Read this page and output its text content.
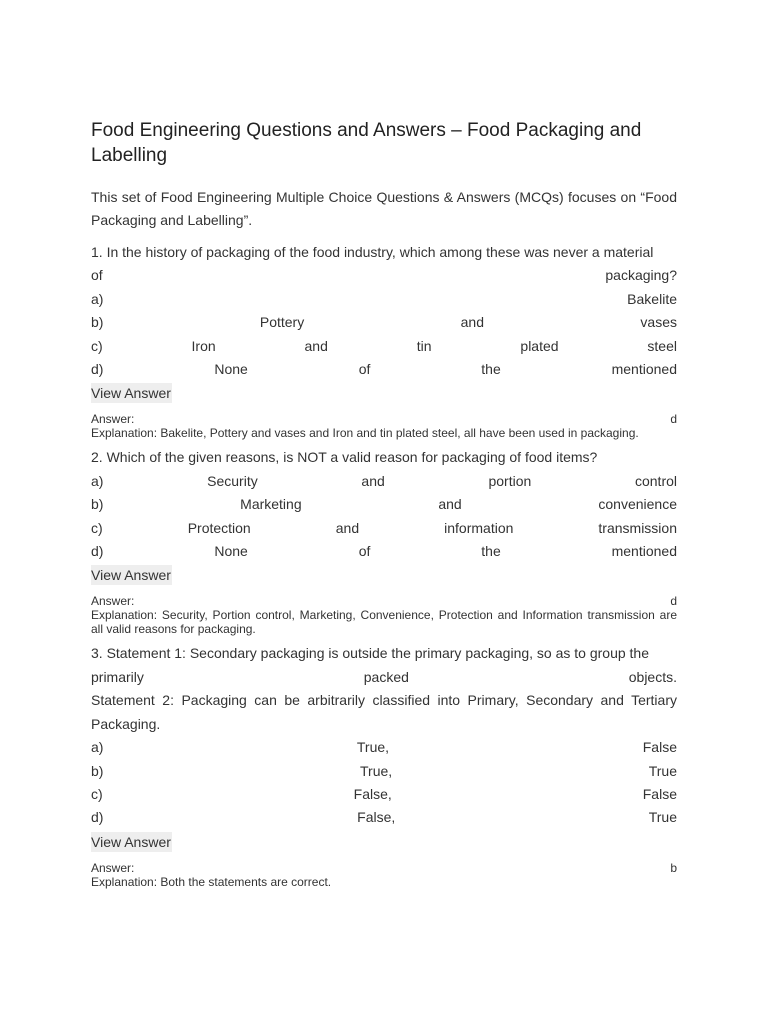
Food Engineering Questions and Answers – Food Packaging and Labelling

This set of Food Engineering Multiple Choice Questions & Answers (MCQs) focuses on “Food Packaging and Labelling”.

1. In the history of packaging of the food industry, which among these was never a material
of packaging?
a) Bakelite
b) Pottery and vases
c) Iron and tin plated steel
d) None of the mentioned
View Answer
Answer:	d
Explanation: Bakelite, Pottery and vases and Iron and tin plated steel, all have been used in packaging.
2. Which of the given reasons, is NOT a valid reason for packaging of food items?
a) Security and portion control
b) Marketing and convenience
c) Protection and information transmission
d) None of the mentioned
View Answer
Answer:	d
Explanation: Security, Portion control, Marketing, Convenience, Protection and Information transmission are all valid reasons for packaging.
3. Statement 1: Secondary packaging is outside the primary packaging, so as to group the
primarily packed objects.
Statement 2: Packaging can be arbitrarily classified into Primary, Secondary and Tertiary Packaging.
a) True, False
b) True, True
c) False, False
d) False, True
View Answer
Answer:	b
Explanation: Both the statements are correct.
